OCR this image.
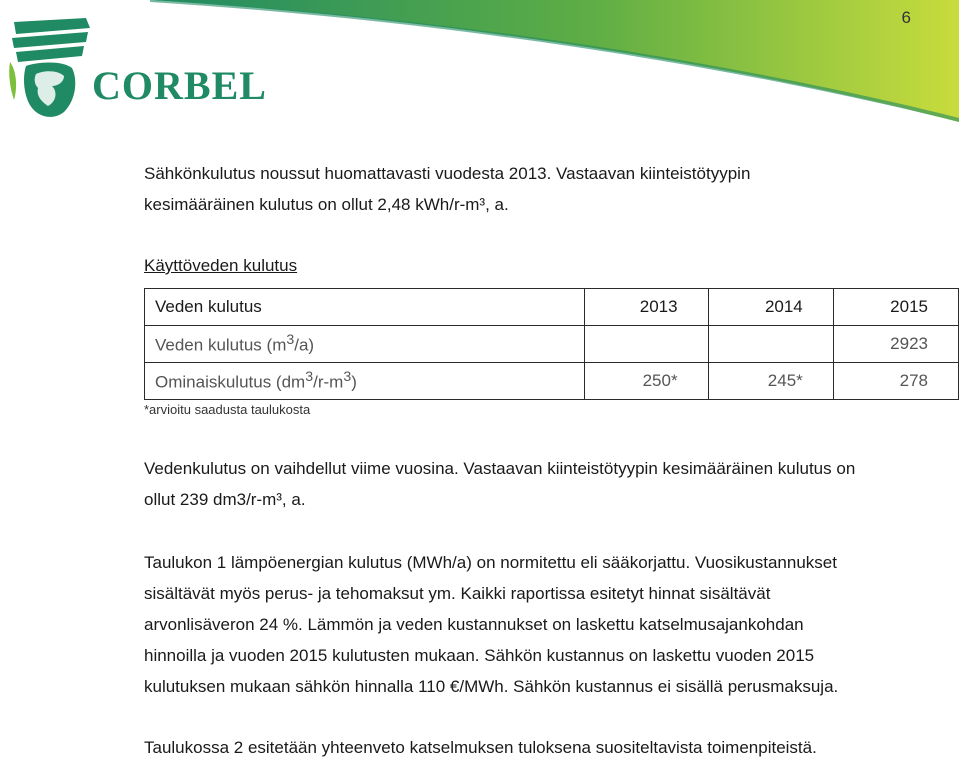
6
CORBEL
Sähkönkulutus noussut huomattavasti vuodesta 2013. Vastaavan kiinteistötyypin
kesimääräinen kulutus on ollut 2,48 kWh/r-m³, a.
Käyttöveden kulutus
Veden kulutus	2013	2014	2015
Veden kulutus $(m^3/a)$			2923
Ominaiskulutus $(dm^3/r-m^3)$	250*	245*	278
*arvioitu saadusta taulukosta
Vedenkulutus on vaihdellut viime vuosina. Vastaavan kiinteistötyypin kesimääräinen kulutus on
ollut 239 dm3/r-m³, a.
Taulukon 1 lämpöenergian kulutus (MWh/a) on normitettu eli sääkorjattu. Vuosikustannukset
sisältävät myös perus- ja tehomaksut ym. Kaikki raportissa esitetyt hinnat sisältävät
arvonlisäveron 24 %. Lämmön ja veden kustannukset on laskettu katselmusajankohdan
hinnoilla ja vuoden 2015 kulutusten mukaan. Sähkön kustannus on laskettu vuoden 2015
kulutuksen mukaan sähkön hinnalla 110 €/MWh. Sähkön kustannus ei sisällä perusmaksuja.
Taulukossa 2 esitetään yhteenveto katselmuksen tuloksena suositeltavista toimenpiteistä.
